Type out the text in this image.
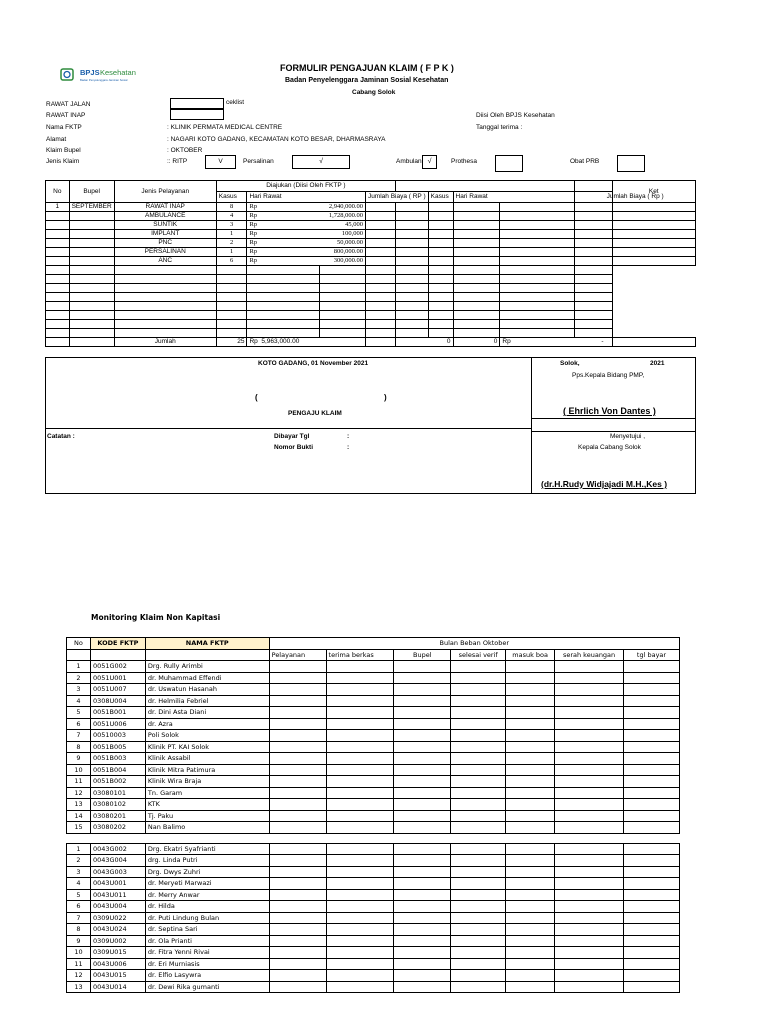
BPJS Kesehatan
Badan Penyelenggara Jaminan Sosial
FORMULIR PENGAJUAN KLAIM ( F P K )
Badan Penyelenggara Jaminan Sosial Kesehatan
Cabang Solok
RAWAT JALAN	ceklist
RAWAT INAP	Diisi Oleh BPJS Kesehatan
Nama FKTP	: KLINIK PERMATA MEDICAL CENTRE	Tanggal terima :
Alamat	: NAGARI KOTO GADANG, KECAMATAN KOTO BESAR, DHARMASRAYA
Klaim Bupel	: OKTOBER
Jenis Klaim	:: RITP	V	Persalinan	√	Ambulan √	Prothesa	Obat PRB
No	Bupel	Jenis Pelayanan	Diajukan (Diisi Oleh FKTP )									Ket
			Kasus	Hari Rawat		Jumlah Biaya ( RP )		Kasus	Hari Rawat		Jumlah Biaya ( Rp )	
1	SEPTEMBER	RAWAT INAP	8	Rp 2,940,000.00								

		AMBULANCE	4	Rp 1,728,000.00								

		SUNTIK	3	Rp 45,000								

		IMPLANT	1	Rp 100,000								

		PNC	2	Rp 50,000.00								

		PERSALINAN	1	Rp 800,000.00								

		ANC	6	Rp 300,000.00								

		Jumlah	25	Rp 5,963,000.00			0		0	Rp -		

KOTO GADANG, 01 November 2021	Solok,	2021
Pps.Kepala Bidang PMP,
(	)
PENGAJU KLAIM	( Ehrlich Von Dantes )
Catatan :	Dibayar Tgl	:
Nomor Bukti	:
Menyetujui ,
Kepala Cabang Solok
(dr.H.Rudy Widjajadi M.H.,Kes )
Monitoring Klaim Non Kapitasi
No	KODE FKTP	NAMA FKTP	Bulan Beban Oktober						
			Pelayanan	terima berkas	Bupel	selesai verif	masuk boa	serah keuangan	tgl bayar
1	0051G002	Drg. Rully Arimbi							
2	0051U001	dr. Muhammad Effendi							
3	0051U007	dr. Uswatun Hasanah							
4	0308U004	dr. Helmilia Febriel							
5	0051B001	dr. Dini Asta Diani							
6	0051U006	dr. Azra							
7	00510003	Poli Solok							
8	0051B005	Klinik PT. KAI Solok							
9	0051B003	Klinik Assabil							
10	0051B004	Klinik Mitra Patimura							
11	0051B002	Klinik Wira Braja							
12	03080101	Tn. Garam							
13	03080102	KTK							
14	03080201	Tj. Paku							
15	03080202	Nan Balimo							

1	0043G002	Drg. Ekatri Syafrianti							
2	0043G004	drg. Linda Putri							
3	0043G003	Drg. Dwys Zuhri							
4	0043U001	dr. Meryeti Marwazi							
5	0043U011	dr. Merry Anwar							
6	0043U004	dr. Hilda							
7	0309U022	dr. Puti Lindung Bulan							
8	0043U024	dr. Septina Sari							
9	0309U002	dr. Ola Prianti							
10	0309U015	dr. Fitra Yenni Rivai							
11	0043U006	dr. Eri Murniasis							
12	0043U015	dr. Elfio Lasywra							
13	0043U014	dr. Dewi Rika gumanti							
